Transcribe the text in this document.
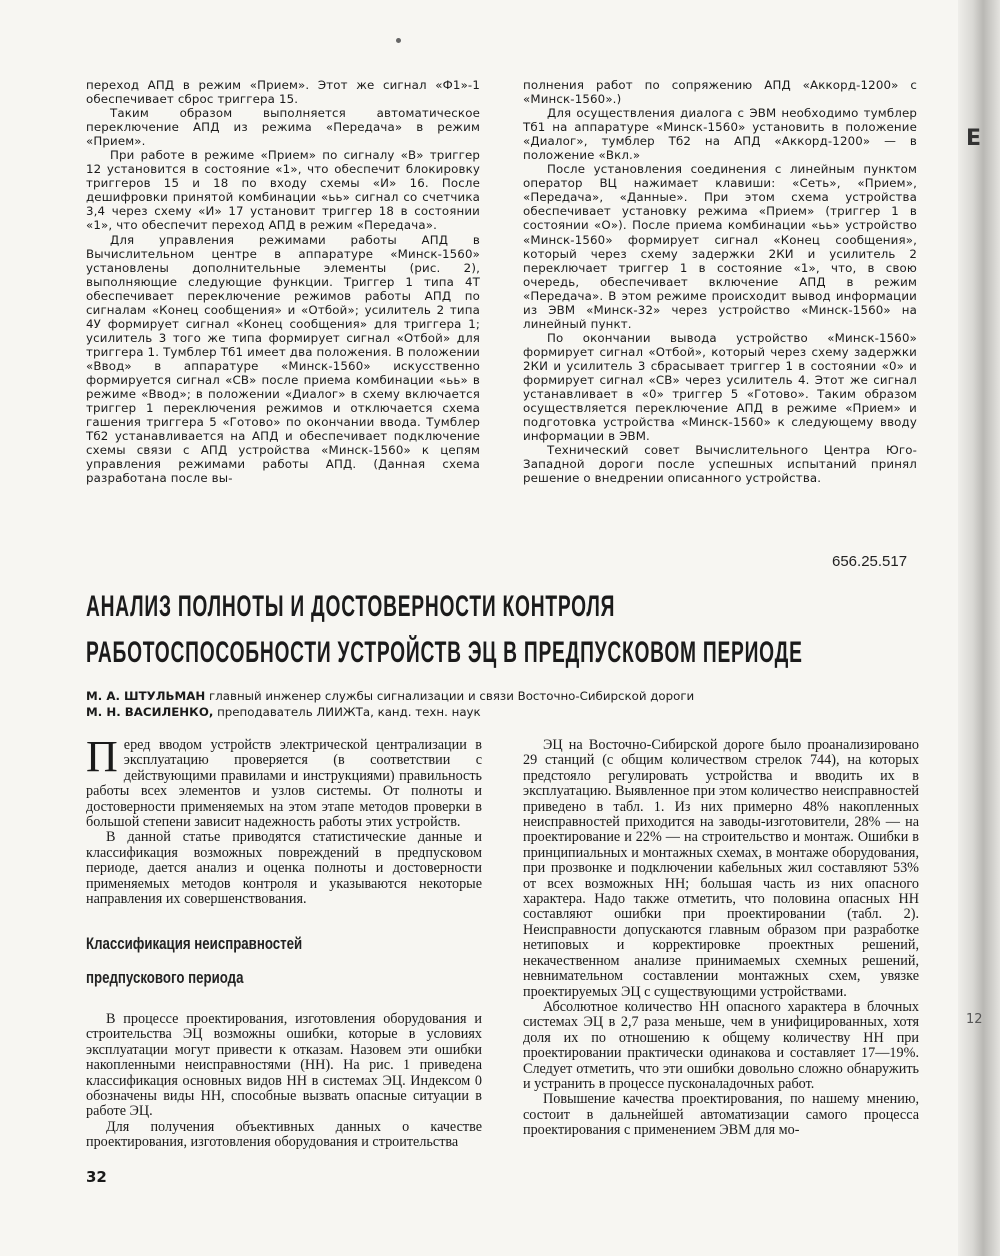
Е
12

переход АПД в режим «Прием». Этот же сигнал «Ф1»-1 обеспечивает сброс триггера 15.

Таким образом выполняется автоматическое переключение АПД из режима «Передача» в режим «Прием».

При работе в режиме «Прием» по сигналу «В» триггер 12 установится в состояние «1», что обеспечит блокировку триггеров 15 и 18 по входу схемы «И» 16. После дешифровки принятой комбинации «ьь» сигнал со счетчика 3,4 через схему «И» 17 установит триггер 18 в состоянии «1», что обеспечит переход АПД в режим «Передача».

Для управления режимами работы АПД в Вычислительном центре в аппаратуре «Минск-1560» установлены дополнительные элементы (рис. 2), выполняющие следующие функции. Триггер 1 типа 4Т обеспечивает переключение режимов работы АПД по сигналам «Конец сообщения» и «Отбой»; усилитель 2 типа 4У формирует сигнал «Конец сообщения» для триггера 1; усилитель 3 того же типа формирует сигнал «Отбой» для триггера 1. Тумблер Тб1 имеет два положения. В положении «Ввод» в аппаратуре «Минск-1560» искусственно формируется сигнал «СВ» после приема комбинации «ьь» в режиме «Ввод»; в положении «Диалог» в схему включается триггер 1 переключения режимов и отключается схема гашения триггера 5 «Готово» по окончании ввода. Тумблер Тб2 устанавливается на АПД и обеспечивает подключение схемы связи с АПД устройства «Минск-1560» к цепям управления режимами работы АПД. (Данная схема разработана после вы-

полнения работ по сопряжению АПД «Аккорд-1200» с «Минск-1560».)

Для осуществления диалога с ЭВМ необходимо тумблер Тб1 на аппаратуре «Минск-1560» установить в положение «Диалог», тумблер Тб2 на АПД «Аккорд-1200» — в положение «Вкл.»

После установления соединения с линейным пунктом оператор ВЦ нажимает клавиши: «Сеть», «Прием», «Передача», «Данные». При этом схема устройства обеспечивает установку режима «Прием» (триггер 1 в состоянии «О»). После приема комбинации «ьь» устройство «Минск-1560» формирует сигнал «Конец сообщения», который через схему задержки 2КИ и усилитель 2 переключает триггер 1 в состояние «1», что, в свою очередь, обеспечивает включение АПД в режим «Передача». В этом режиме происходит вывод информации из ЭВМ «Минск-32» через устройство «Минск-1560» на линейный пункт.

По окончании вывода устройство «Минск-1560» формирует сигнал «Отбой», который через схему задержки 2КИ и усилитель 3 сбрасывает триггер 1 в состоянии «0» и формирует сигнал «СВ» через усилитель 4. Этот же сигнал устанавливает в «0» триггер 5 «Готово». Таким образом осуществляется переключение АПД в режиме «Прием» и подготовка устройства «Минск-1560» к следующему вводу информации в ЭВМ.

Технический совет Вычислительного Центра Юго-Западной дороги после успешных испытаний принял решение о внедрении описанного устройства.

656.25.517
АНАЛИЗ ПОЛНОТЫ И ДОСТОВЕРНОСТИ КОНТРОЛЯ
РАБОТОСПОСОБНОСТИ УСТРОЙСТВ ЭЦ В ПРЕДПУСКОВОМ ПЕРИОДЕ
М. А. ШТУЛЬМАН главный инженер службы сигнализации и связи Восточно-Сибирской дороги
М. Н. ВАСИЛЕНКО, преподаватель ЛИИЖТа, канд. техн. наук

Перед вводом устройств электрической централизации в эксплуатацию проверяется (в соответствии с действующими правилами и инструкциями) правильность работы всех элементов и узлов системы. От полноты и достоверности применяемых на этом этапе методов проверки в большой степени зависит надежность работы этих устройств.

В данной статье приводятся статистические данные и классификация возможных повреждений в предпусковом периоде, дается анализ и оценка полноты и достоверности применяемых методов контроля и указываются некоторые направления их совершенствования.

Классификация неисправностей
предпускового периода

В процессе проектирования, изготовления оборудования и строительства ЭЦ возможны ошибки, которые в условиях эксплуатации могут привести к отказам. Назовем эти ошибки накопленными неисправностями (НН). На рис. 1 приведена классификация основных видов НН в системах ЭЦ. Индексом 0 обозначены виды НН, способные вызвать опасные ситуации в работе ЭЦ.

Для получения объективных данных о качестве проектирования, изготовления оборудования и строительства

ЭЦ на Восточно-Сибирской дороге было проанализировано 29 станций (с общим количеством стрелок 744), на которых предстояло регулировать устройства и вводить их в эксплуатацию. Выявленное при этом количество неисправностей приведено в табл. 1. Из них примерно 48% накопленных неисправностей приходится на заводы-изготовители, 28% — на проектирование и 22% — на строительство и монтаж. Ошибки в принципиальных и монтажных схемах, в монтаже оборудования, при прозвонке и подключении кабельных жил составляют 53% от всех возможных НН; большая часть из них опасного характера. Надо также отметить, что половина опасных НН составляют ошибки при проектировании (табл. 2). Неисправности допускаются главным образом при разработке нетиповых и корректировке проектных решений, некачественном анализе принимаемых схемных решений, невнимательном составлении монтажных схем, увязке проектируемых ЭЦ с существующими устройствами.

Абсолютное количество НН опасного характера в блочных системах ЭЦ в 2,7 раза меньше, чем в унифицированных, хотя доля их по отношению к общему количеству НН при проектировании практически одинакова и составляет 17—19%. Следует отметить, что эти ошибки довольно сложно обнаружить и устранить в процессе пусконаладочных работ.

Повышение качества проектирования, по нашему мнению, состоит в дальнейшей автоматизации самого процесса проектирования с применением ЭВМ для мо-

32
